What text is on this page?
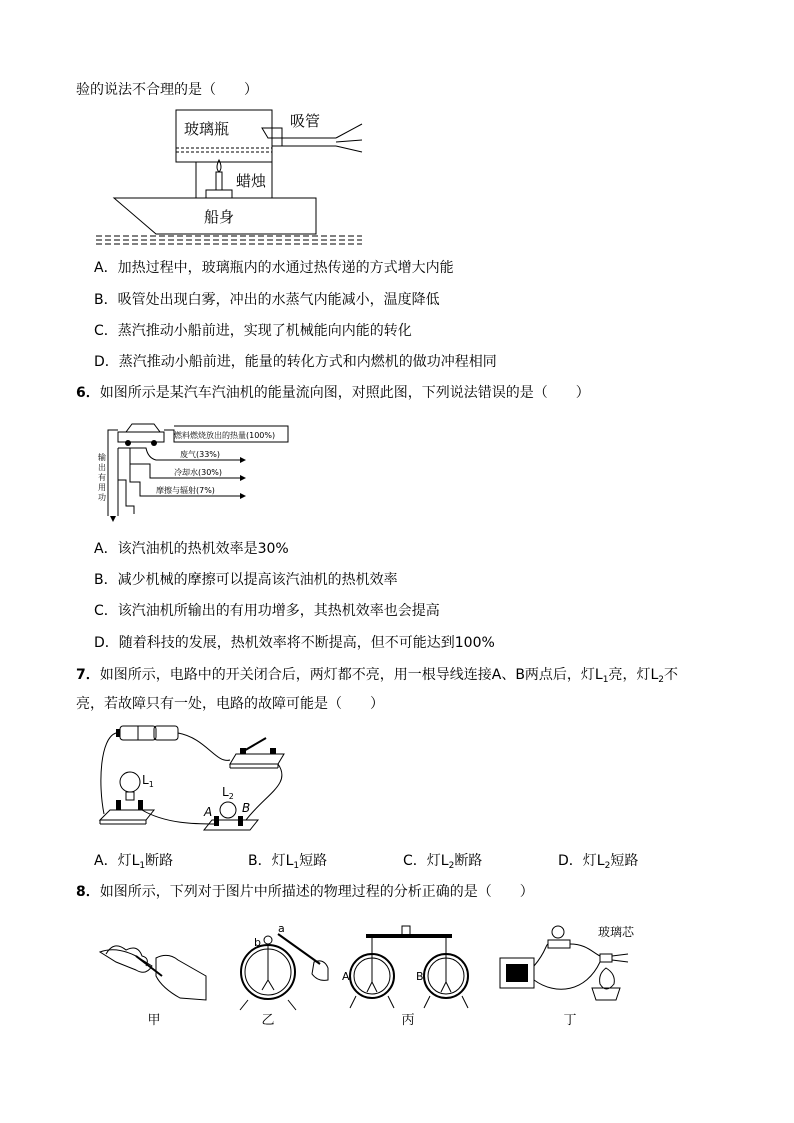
验的说法不合理的是（　　）
玻璃瓶	吸管
蜡烛
船身
A．加热过程中，玻璃瓶内的水通过热传递的方式增大内能
B．吸管处出现白雾，冲出的水蒸气内能减小，温度降低
C．蒸汽推动小船前进，实现了机械能向内能的转化
D．蒸汽推动小船前进，能量的转化方式和内燃机的做功冲程相同
6．如图所示是某汽车汽油机的能量流向图，对照此图，下列说法错误的是（　　）
燃料燃烧放出的热量(100%)
废气(33%)
冷却水(30%)
摩擦与辐射(7%)
输
出
有
用
功
A．该汽油机的热机效率是30%
B．减少机械的摩擦可以提高该汽油机的热机效率
C．该汽油机所输出的有用功增多，其热机效率也会提高
D．随着科技的发展，热机效率将不断提高，但不可能达到100%
7．如图所示，电路中的开关闭合后，两灯都不亮，用一根导线连接A、B两点后，灯$L_1$亮，灯$L_2$不
亮，若故障只有一处，电路的故障可能是（　　）
$L_1$
$L_2$
A B
A．灯$L_1$断路	B．灯$L_1$短路	C．灯$L_2$断路	D．灯$L_2$短路
8．如图所示，下列对于图片中所描述的物理过程的分析正确的是（　　）
甲
a
b
乙
A	B
丙
玻璃芯
丁
